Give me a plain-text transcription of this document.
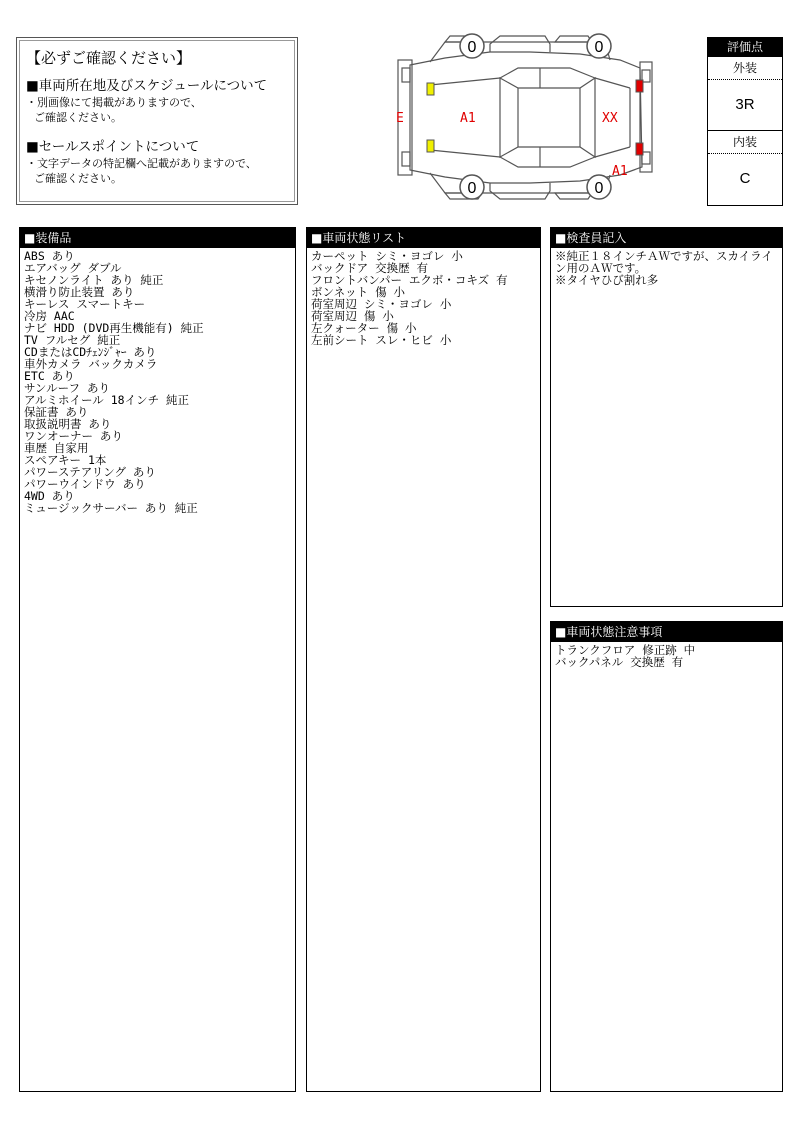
【必ずご確認ください】
■車両所在地及びスケジュールについて
・別画像にて掲載がありますので、
ご確認ください。
■セールスポイントについて
・文字データの特記欄へ記載がありますので、
ご確認ください。
0	0
0	0
E	A1	XX
A1
評価点
外装
3R
内装
C
■装備品
ABS あり
エアバッグ ダブル
キセノンライト あり 純正
横滑り防止装置 あり
キーレス スマートキー
冷房 AAC
ナビ HDD (DVD再生機能有) 純正
TV フルセグ 純正
CDまたはCDﾁｪﾝｼﾞｬｰ あり
車外カメラ バックカメラ
ETC あり
サンルーフ あり
アルミホイール 18インチ 純正
保証書 あり
取扱説明書 あり
ワンオーナー あり
車歴 自家用
スペアキー 1本
パワーステアリング あり
パワーウインドウ あり
4WD あり
ミュージックサーバー あり 純正
■車両状態リスト
カーペット シミ・ヨゴレ 小
バックドア 交換歴 有
フロントバンパー エクボ・コキズ 有
ボンネット 傷 小
荷室周辺 シミ・ヨゴレ 小
荷室周辺 傷 小
左クォーター 傷 小
左前シート スレ・ヒビ 小
■検査員記入
※純正１８インチＡＷですが、スカイライン用のＡＷです。
※タイヤひび割れ多
■車両状態注意事項
トランクフロア 修正跡 中
バックパネル 交換歴 有
